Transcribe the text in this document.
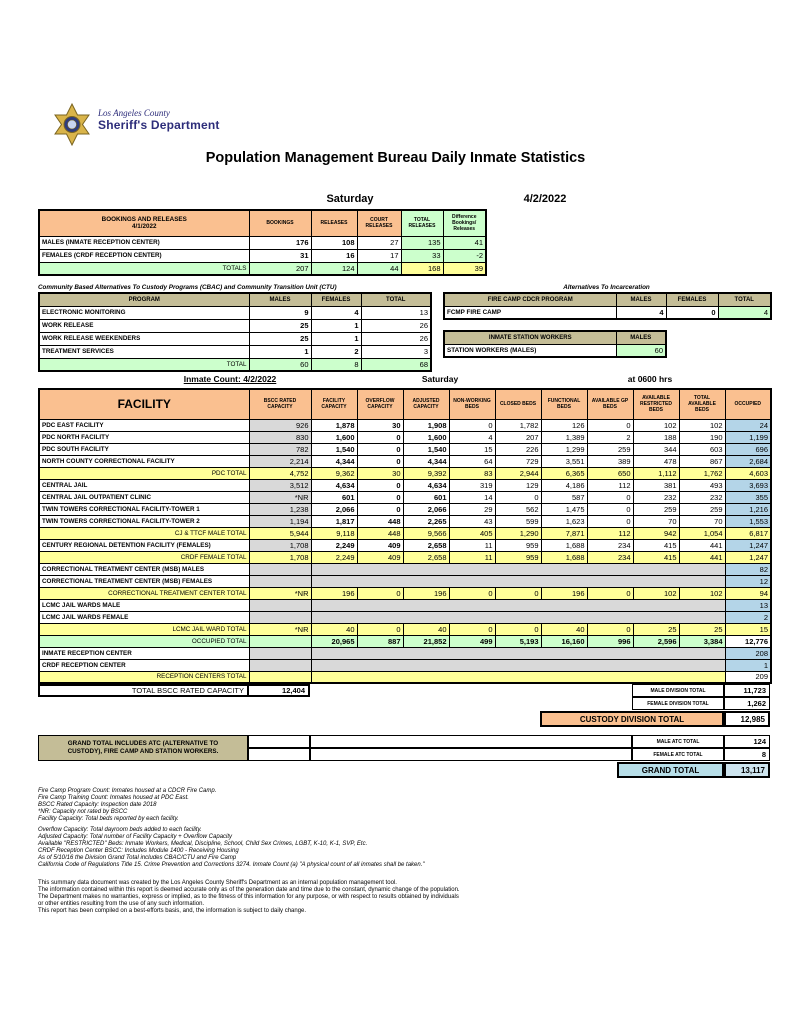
Los Angeles County
Sheriff's Department
Population Management Bureau Daily Inmate Statistics
Saturday	4/2/2022
BOOKINGS AND RELEASES
4/1/2022	BOOKINGS	RELEASES	COURT RELEASES	TOTAL RELEASES	Difference Bookings/ Releases
MALES (INMATE RECEPTION CENTER)	176	108	27	135	41
FEMALES (CRDF RECEPTION CENTER)	31	16	17	33	-2
TOTALS	207	124	44	168	39
Community Based Alternatives To Custody Programs (CBAC) and Community Transition Unit (CTU)
PROGRAM	MALES	FEMALES	TOTAL
ELECTRONIC MONITORING	9	4	13
WORK RELEASE	25	1	26
WORK RELEASE WEEKENDERS	25	1	26
TREATMENT SERVICES	1	2	3
TOTAL	60	8	68
Alternatives To Incarceration
FIRE CAMP CDCR PROGRAM	MALES	FEMALES	TOTAL
FCMP FIRE CAMP	4	0	4
INMATE STATION WORKERS	MALES
STATION WORKERS (MALES)	60
Inmate Count: 4/2/2022	Saturday	at 0600 hrs
FACILITY	BSCC RATED CAPACITY	FACILITY CAPACITY	OVERFLOW CAPACITY	ADJUSTED CAPACITY	NON-WORKING BEDS	CLOSED BEDS	FUNCTIONAL BEDS	AVAILABLE GP BEDS	AVAILABLE RESTRICTED BEDS	TOTAL AVAILABLE BEDS	OCCUPIED
PDC EAST FACILITY	926	1,878	30	1,908	0	1,782	126	0	102	102	24
PDC NORTH FACILITY	830	1,600	0	1,600	4	207	1,389	2	188	190	1,199
PDC SOUTH FACILITY	782	1,540	0	1,540	15	226	1,299	259	344	603	696
NORTH COUNTY CORRECTIONAL FACILITY	2,214	4,344	0	4,344	64	729	3,551	389	478	867	2,684
PDC TOTAL	4,752	9,362	30	9,392	83	2,944	6,365	650	1,112	1,762	4,603
CENTRAL JAIL	3,512	4,634	0	4,634	319	129	4,186	112	381	493	3,693
CENTRAL JAIL OUTPATIENT CLINIC	*NR	601	0	601	14	0	587	0	232	232	355
TWIN TOWERS CORRECTIONAL FACILITY-TOWER 1	1,238	2,066	0	2,066	29	562	1,475	0	259	259	1,216
TWIN TOWERS CORRECTIONAL FACILITY-TOWER 2	1,194	1,817	448	2,265	43	599	1,623	0	70	70	1,553
CJ & TTCF MALE TOTAL	5,944	9,118	448	9,566	405	1,290	7,871	112	942	1,054	6,817
CENTURY REGIONAL DETENTION FACILITY (FEMALES)	1,708	2,249	409	2,658	11	959	1,688	234	415	441	1,247
CRDF FEMALE TOTAL	1,708	2,249	409	2,658	11	959	1,688	234	415	441	1,247
CORRECTIONAL TREATMENT CENTER (MSB) MALES											82
CORRECTIONAL TREATMENT CENTER (MSB) FEMALES											12
CORRECTIONAL TREATMENT CENTER TOTAL	*NR	196	0	196	0	0	196	0	102	102	94
LCMC JAIL WARDS MALE											13
LCMC JAIL WARDS FEMALE											2
LCMC JAIL WARD TOTAL	*NR	40	0	40	0	0	40	0	25	25	15
OCCUPIED TOTAL		20,965	887	21,852	499	5,193	16,160	996	2,596	3,384	12,776
INMATE RECEPTION CENTER											208
CRDF RECEPTION CENTER											1
RECEPTION CENTERS TOTAL											209
TOTAL BSCC RATED CAPACITY	12,404	MALE DIVISION TOTAL	11,723
FEMALE DIVISION TOTAL	1,262
CUSTODY DIVISION TOTAL	12,985
GRAND TOTAL INCLUDES ATC (ALTERNATIVE TO
CUSTODY), FIRE CAMP AND STATION WORKERS.
MALE ATC TOTAL	124
FEMALE ATC TOTAL	8
GRAND TOTAL	13,117
Fire Camp Program Count: Inmates housed at a CDCR Fire Camp.
Fire Camp Training Count: Inmates housed at PDC East.
BSCC Rated Capacity: Inspection date 2018
*NR: Capacity not rated by BSCC
Facility Capacity: Total beds reported by each facility.
Overflow Capacity: Total dayroom beds added to each facility.
Adjusted Capacity: Total number of Facility Capacity + Overflow Capacity
Available "RESTRICTED" Beds: Inmate Workers, Medical, Discipline, School, Child Sex Crimes, LGBT, K-10, K-1, SVP, Etc.
CRDF Reception Center BSCC: Includes Module 1400 - Receiving Housing
As of 5/10/16 the Division Grand Total includes CBAC/CTU and Fire Camp
California Code of Regulations Title 15. Crime Prevention and Corrections 3274. Inmate Count (a) "A physical count of all inmates shall be taken."
This summary data document was created by the Los Angeles County Sheriff's Department as an internal population management tool.
The information contained within this report is deemed accurate only as of the generation date and time due to the constant, dynamic change of the population.
The Department makes no warranties, express or implied, as to the fitness of this information for any purpose, or with respect to results obtained by individuals
or other entities resulting from the use of any such information.
This report has been compiled on a best-efforts basis, and, the information is subject to daily change.
